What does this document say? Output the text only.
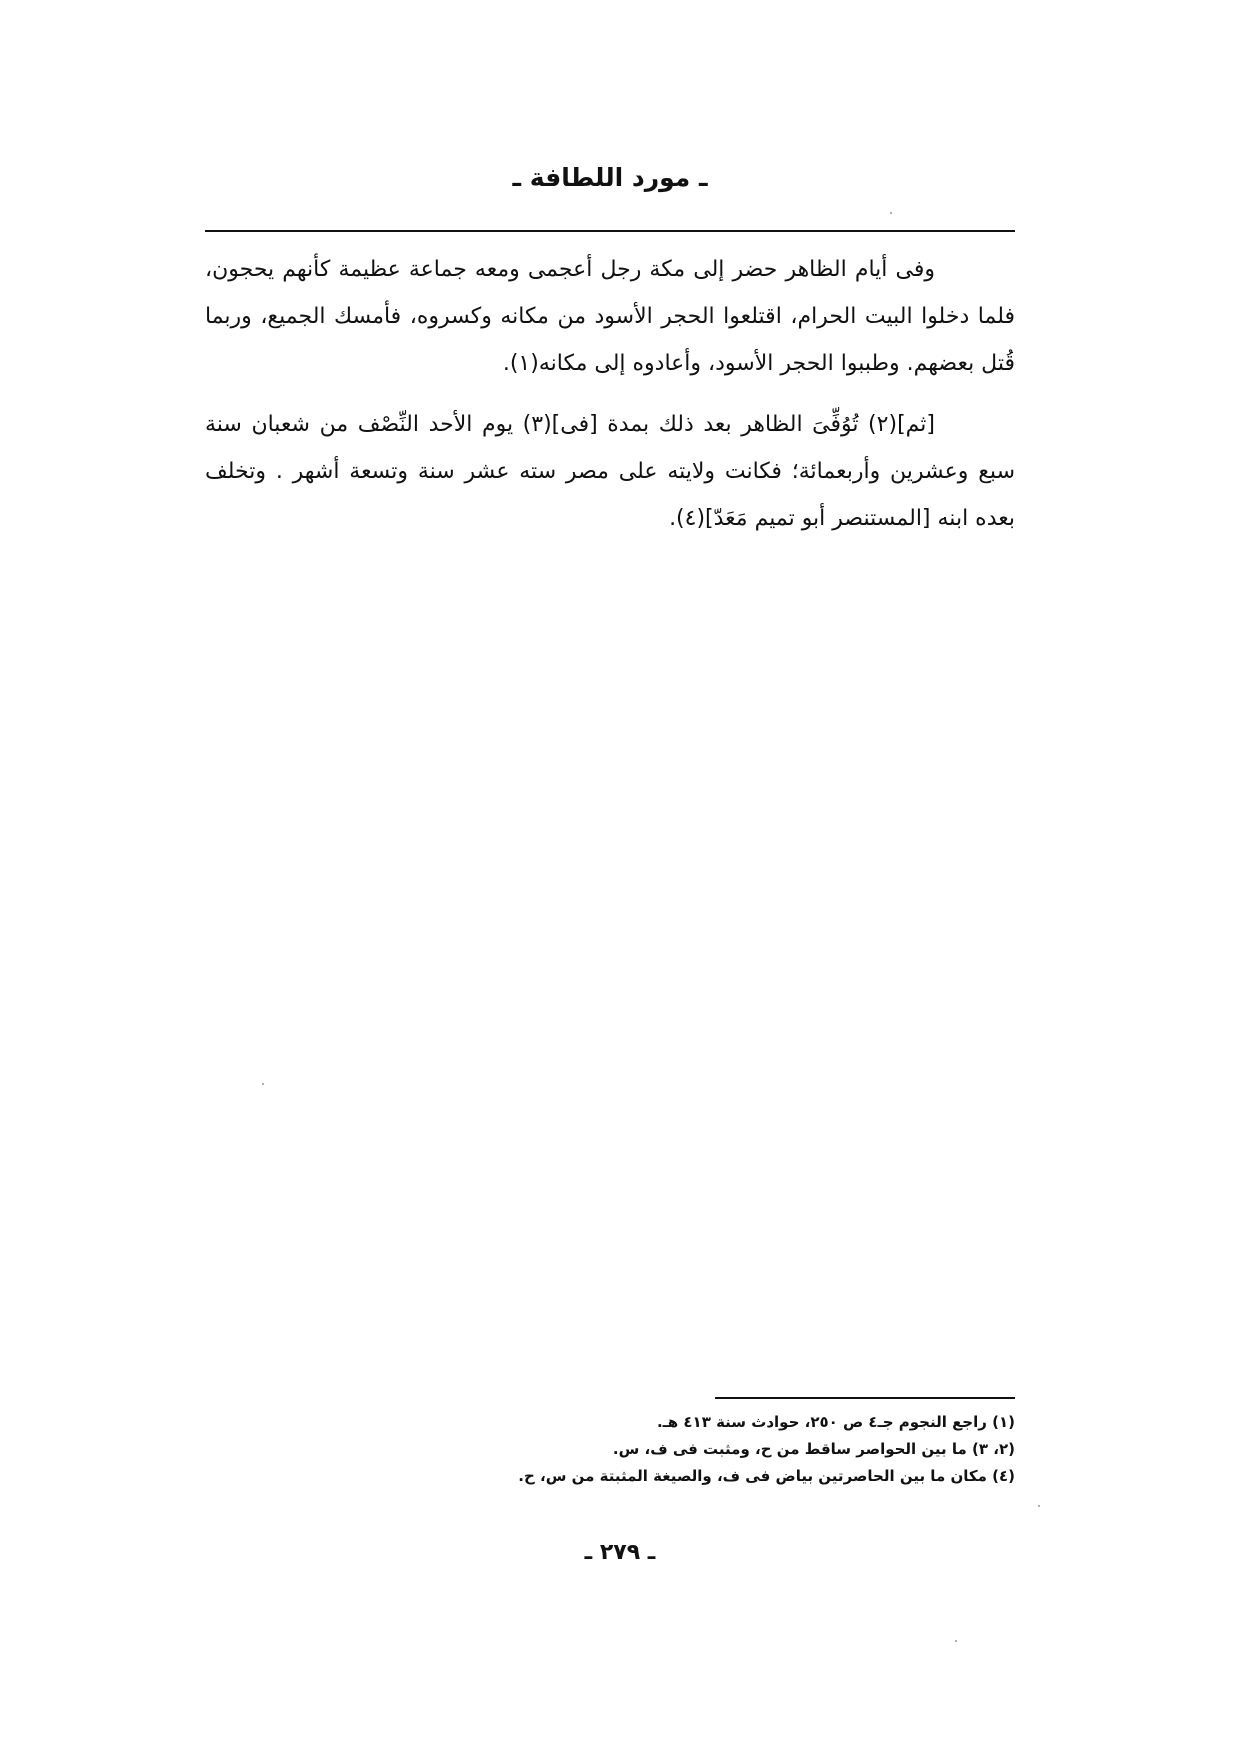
ـ مورد اللطافة ـ

وفى أيام الظاهر حضر إلى مكة رجل أعجمى ومعه جماعة عظيمة كأنهم يحجون، فلما دخلوا البيت الحرام، اقتلعوا الحجر الأسود من مكانه وكسروه، فأمسك الجميع، وربما قُتل بعضهم. وطببوا الحجر الأسود، وأعادوه إلى مكانه(١).

[ثم](٢) تُوُفِّىَ الظاهر بعد ذلك بمدة [فى](٣) يوم الأحد النِّصْف من شعبان سنة سبع وعشرين وأربعمائة؛ فكانت ولايته على مصر سته عشر سنة وتسعة أشهر . وتخلف بعده ابنه [المستنصر أبو تميم مَعَدّ](٤).

(١) راجع النجوم جـ٤ ص ٢٥٠، حوادث سنة ٤١٣ هـ.

(٢، ٣) ما بين الحواصر ساقط من ح، ومثبت فى ف، س.

(٤) مكان ما بين الحاصرتين بياض فى ف، والصيغة المثبتة من س، ح.

ـ ٢٧٩ ـ
